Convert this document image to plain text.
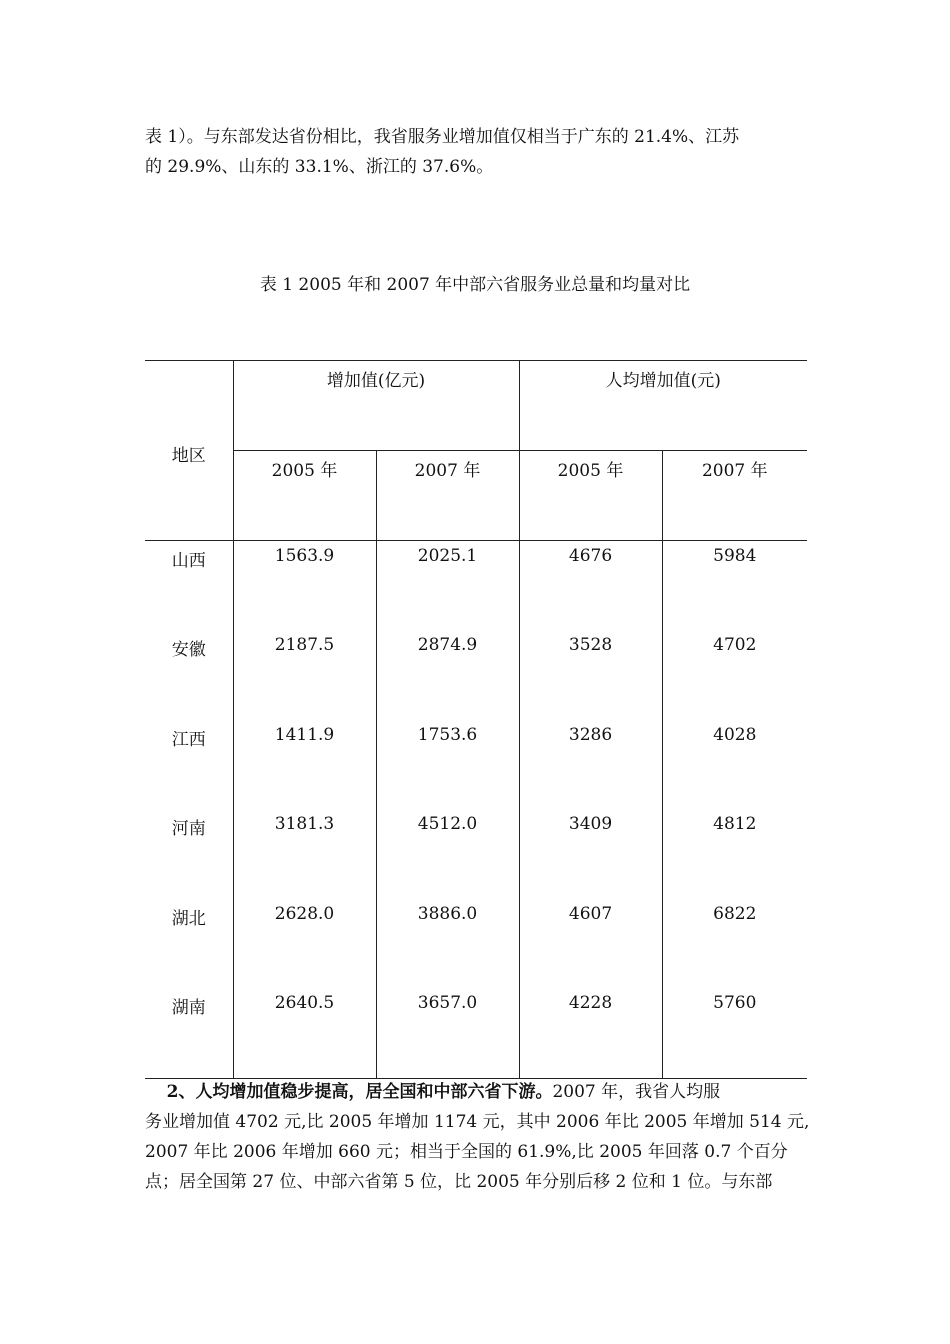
表 1）。与东部发达省份相比，我省服务业增加值仅相当于广东的 21.4%、江苏
的 29.9%、山东的 33.1%、浙江的 37.6%。

表 1 2005 年和 2007 年中部六省服务业总量和均量对比

地区	增加值(亿元)		人均增加值(元)	
	2005 年	2007 年	2005 年	2007 年
山西	1563.9	2025.1	4676	5984
安徽	2187.5	2874.9	3528	4702
江西	1411.9	1753.6	3286	4028
河南	3181.3	4512.0	3409	4812
湖北	2628.0	3886.0	4607	6822
湖南	2640.5	3657.0	4228	5760
2、人均增加值稳步提高，居全国和中部六省下游。2007 年，我省人均服
务业增加值 4702 元,比 2005 年增加 1174 元，其中 2006 年比 2005 年增加 514 元,
2007 年比 2006 年增加 660 元；相当于全国的 61.9%,比 2005 年回落 0.7 个百分
点；居全国第 27 位、中部六省第 5 位，比 2005 年分别后移 2 位和 1 位。与东部
